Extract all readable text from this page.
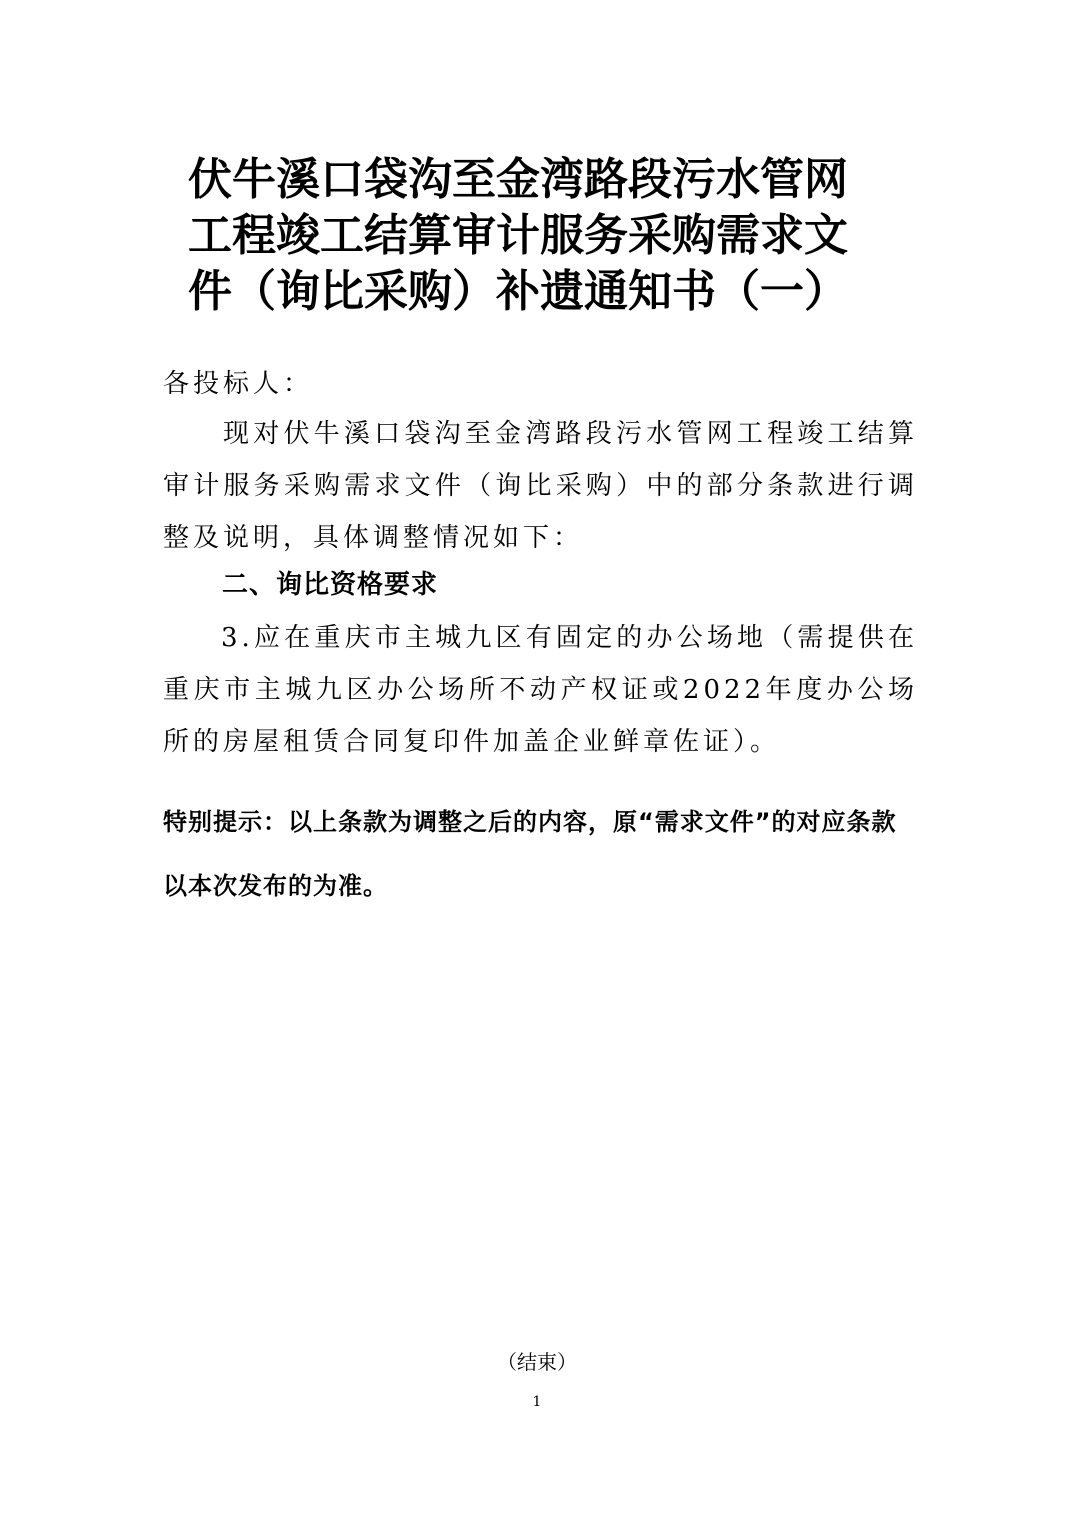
伏牛溪口袋沟至金湾路段污水管网
工程竣工结算审计服务采购需求文
件（询比采购）补遗通知书（一）

各投标人：

现对伏牛溪口袋沟至金湾路段污水管网工程竣工结算审计服务采购需求文件（询比采购）中的部分条款进行调整及说明，具体调整情况如下：

二、询比资格要求

3.应在重庆市主城九区有固定的办公场地（需提供在重庆市主城九区办公场所不动产权证或2022年度办公场所的房屋租赁合同复印件加盖企业鲜章佐证）。

特别提示：以上条款为调整之后的内容，原“需求文件”的对应条款以本次发布的为准。

（结束）

1
